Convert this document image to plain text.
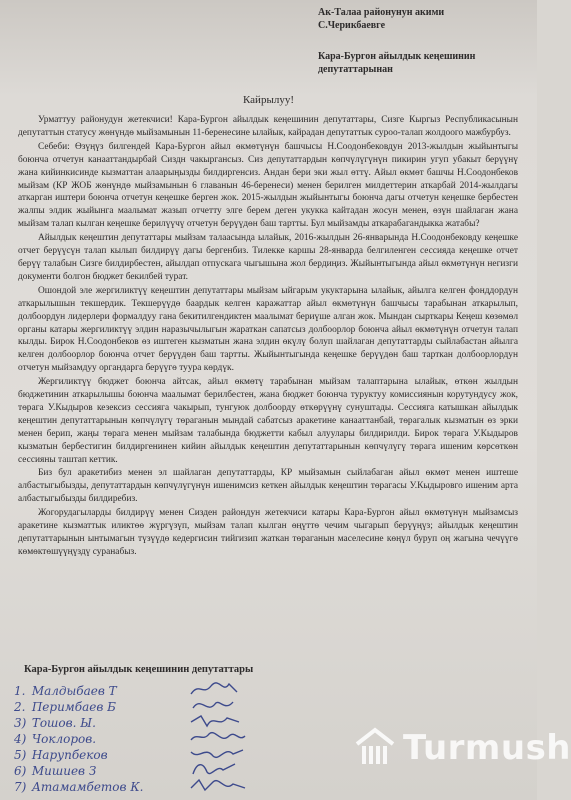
Ак-Талаа районунун акими
С.Черикбаевге
Кара-Бургон айылдык кеңешинин депутаттарынан
Кайрылуу!

Урматтуу районудун жетекчиси! Кара-Бургон айылдык кеңешинин депутаттары, Сизге Кыргыз Республикасынын депутаттын статусу жөнүндө мыйзамынын 11-беренесине ылайык, кайрадан депутаттык суроо-талап жолдоого мажбурбуз.

Себеби: Өзүңүз билгендей Кара-Бургон айыл өкмөтүнүн башчысы Н.Соодонбековдун 2013-жылдын жыйынтыгы боюнча отчетун канааттандырбай Сиздн чакыргансыз. Сиз депутаттардын көпчүлүгүнүн пикирин угуп убакыт берүүнү жана кийинкисинде кызматтан алаарыңызды билдиргенсиз. Андан бери эки жыл өттү. Айыл өкмөт башчы Н.Соодонбеков мыйзам (КР ЖОБ жөнүндө мыйзамынын 6 главанын 46-беренеси) менен берилген милдеттерин аткарбай 2014-жылдагы аткарган иштери боюнча отчетун кеңешке берген жок. 2015-жылдын жыйынтыгы боюнча дагы отчетун кеңешке бербестен жалпы элдик жыйынга маалымат жазып отчетту элге берем деген укукка кайтадан жосун менен, өзүн шайлаган жана мыйзам талап кылган кеңешке берилүүчү отчетун берүүдөн баш тартты. Бул мыйзамды аткарабагандыкка жатабы?

Айылдык кеңештин депутаттары мыйзам талаасында ылайык, 2016-жылдын 26-январында Н.Соодонбековду кеңешке отчет берүүсүн талап кылып билдирүү дагы бергенбиз. Тилекке каршы 28-январда белгиленген сессияда кеңешке отчет берүү талабын Сизге билдирбестен, айылдап отпускага чыгышына жол бердиңиз. Жыйынтыгында айыл өкмөтүнүн негизги документи болгон бюджет бекилбей турат.

Ошондой эле жергиликтүү кеңештин депутаттары мыйзам ыйгарым укуктарына ылайык, айылга келген фонддордун аткарылышын текшердик. Текшерүүдө баардык келген каражаттар айыл өкмөтүнүн башчысы тарабынан аткарылып, долбоордун лидерлери формалдуу гана бекитилгендиктен маалымат бериүше алган жок. Мындан сырткары Кеңеш көзөмөл органы катары жергиликтүү элдин наразычылыгын жараткан сапатсыз долбоорлор боюнча айыл өкмөтүнүн отчетун талап кылды. Бирок Н.Соодонбеков өз иштеген кызматын жана элдин өкүлү болуп шайлаган депутаттарды сыйлабастан айылга келген долбоорлор боюнча отчет берүүдөн баш тартты. Жыйынтыгында кеңешке берүүдөн баш тарткан долбоорлордун отчетун мыйзамдуу органдарга берүүгө туура көрдүк.

Жергиликтүү бюджет боюнча айтсак, айыл өкмөтү тарабынан мыйзам талаптарына ылайык, өткөн жылдын бюджетинин аткарылышы боюнча маалымат берилбестен, жана бюджет боюнча туруктуу комиссиянын корутундусу жок, төрага У.Кыдыров кезексиз сессияга чакырып, тунгуюк долбоорду өткөрүүнү сунуштады. Сессияга катышкан айылдык кеңештин депутаттарынын көпчүлүгү төраганын мындай сабатсыз аракетине канааттанбай, төрагалык кызматын өз эрки менен берип, жаңы төрага менен мыйзам талабында бюджетти кабыл алуулары билдирилди. Бирок төрага У.Кыдыров кызматын бербестигин билдиргенинен кийин айылдык кеңештин депутаттарынын көпчүлүгү төрага ишеним көрсөткөн сессияны таштап кеттик.

Биз бул аракетибиз менен эл шайлаган депутаттарды, КР мыйзамын сыйлабаган айыл өкмөт менен иштеше албастыгыбызды, депутаттардын көпчүлүгүнүн ишенимсиз кеткен айылдык кеңештин төрагасы У.Кыдыровго ишеним арта албастыгыбызды билдиребиз.

Жогорудагыларды билдирүү менен Сизден райондун жетекчиси катары Кара-Бургон айыл өкмөтүнүн мыйзамсыз аракетине кызматтык иликтөө жүргүзүп, мыйзам талап кылган өңүттө чечим чыгарып берүүңүз; айылдык кеңештин депутаттарынын ынтымагын түзүүдө кедергисин тийгизип жаткан төраганын маселесине көңүл буруп оң жагына чечүүгө көмөктөшүүңүздү суранабыз.

Кара-Бургон айылдык кеңешинин депутаттары
1. Малдыбаев Т
2. Перимбаев Б
3) Тошов. Ы.
4) Чоклоров.
5) Нарупбеков
6) Мишиев З
7) Атамамбетов К.
Turmush
